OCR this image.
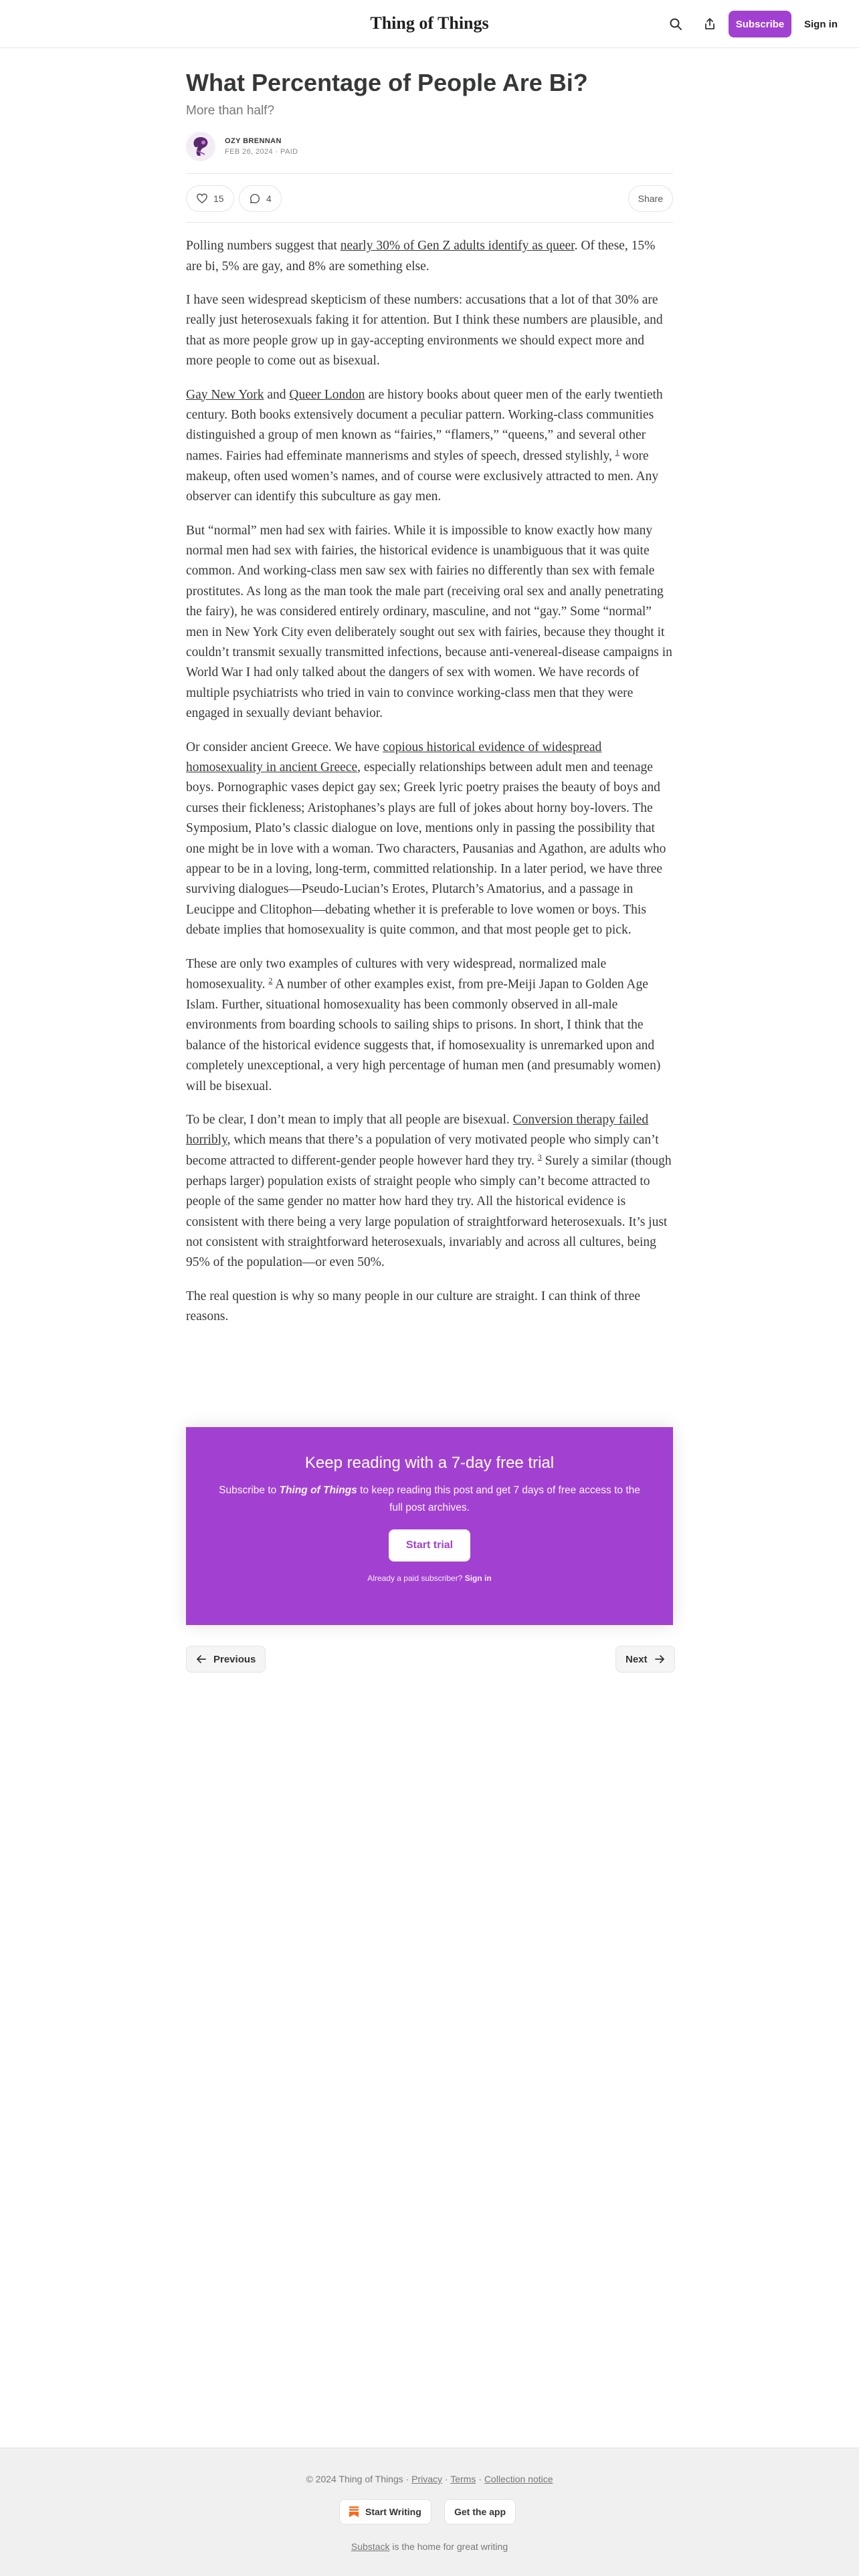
Thing of Things	Subscribe	Sign in
What Percentage of People Are Bi?
More than half?
OZY BRENNAN
FEB 26, 2024 · PAID
15	4	Share

Polling numbers suggest that nearly 30% of Gen Z adults identify as queer. Of these, 15% are bi, 5% are gay, and 8% are something else.

I have seen widespread skepticism of these numbers: accusations that a lot of that 30% are really just heterosexuals faking it for attention. But I think these numbers are plausible, and that as more people grow up in gay-accepting environments we should expect more and more people to come out as bisexual.

Gay New York and Queer London are history books about queer men of the early twentieth century. Both books extensively document a peculiar pattern. Working-class communities distinguished a group of men known as “fairies,” “flamers,” “queens,” and several other names. Fairies had effeminate mannerisms and styles of speech, dressed stylishly, $^1$ wore makeup, often used women’s names, and of course were exclusively attracted to men. Any observer can identify this subculture as gay men.

But “normal” men had sex with fairies. While it is impossible to know exactly how many normal men had sex with fairies, the historical evidence is unambiguous that it was quite common. And working-class men saw sex with fairies no differently than sex with female prostitutes. As long as the man took the male part (receiving oral sex and anally penetrating the fairy), he was considered entirely ordinary, masculine, and not “gay.” Some “normal” men in New York City even deliberately sought out sex with fairies, because they thought it couldn’t transmit sexually transmitted infections, because anti-venereal-disease campaigns in World War I had only talked about the dangers of sex with women. We have records of multiple psychiatrists who tried in vain to convince working-class men that they were engaged in sexually deviant behavior.

Or consider ancient Greece. We have copious historical evidence of widespread homosexuality in ancient Greece, especially relationships between adult men and teenage boys. Pornographic vases depict gay sex; Greek lyric poetry praises the beauty of boys and curses their fickleness; Aristophanes’s plays are full of jokes about horny boy-lovers. The Symposium, Plato’s classic dialogue on love, mentions only in passing the possibility that one might be in love with a woman. Two characters, Pausanias and Agathon, are adults who appear to be in a loving, long-term, committed relationship. In a later period, we have three surviving dialogues—Pseudo-Lucian’s Erotes, Plutarch’s Amatorius, and a passage in Leucippe and Clitophon—debating whether it is preferable to love women or boys. This debate implies that homosexuality is quite common, and that most people get to pick.

These are only two examples of cultures with very widespread, normalized male homosexuality. $^2$ A number of other examples exist, from pre-Meiji Japan to Golden Age Islam. Further, situational homosexuality has been commonly observed in all-male environments from boarding schools to sailing ships to prisons. In short, I think that the balance of the historical evidence suggests that, if homosexuality is unremarked upon and completely unexceptional, a very high percentage of human men (and presumably women) will be bisexual.

To be clear, I don’t mean to imply that all people are bisexual. Conversion therapy failed horribly, which means that there’s a population of very motivated people who simply can’t become attracted to different-gender people however hard they try. $^3$ Surely a similar (though perhaps larger) population exists of straight people who simply can’t become attracted to people of the same gender no matter how hard they try. All the historical evidence is consistent with there being a very large population of straightforward heterosexuals. It’s just not consistent with straightforward heterosexuals, invariably and across all cultures, being 95% of the population—or even 50%.

The real question is why so many people in our culture are straight. I can think of three reasons.

Keep reading with a 7-day free trial
Subscribe to Thing of Things to keep reading this post and get 7 days of free access to the full post archives.
Start trial
Already a paid subscriber? Sign in
Previous	Next
© 2024 Thing of Things · Privacy · Terms · Collection notice
Start Writing	Get the app
Substack is the home for great writing
